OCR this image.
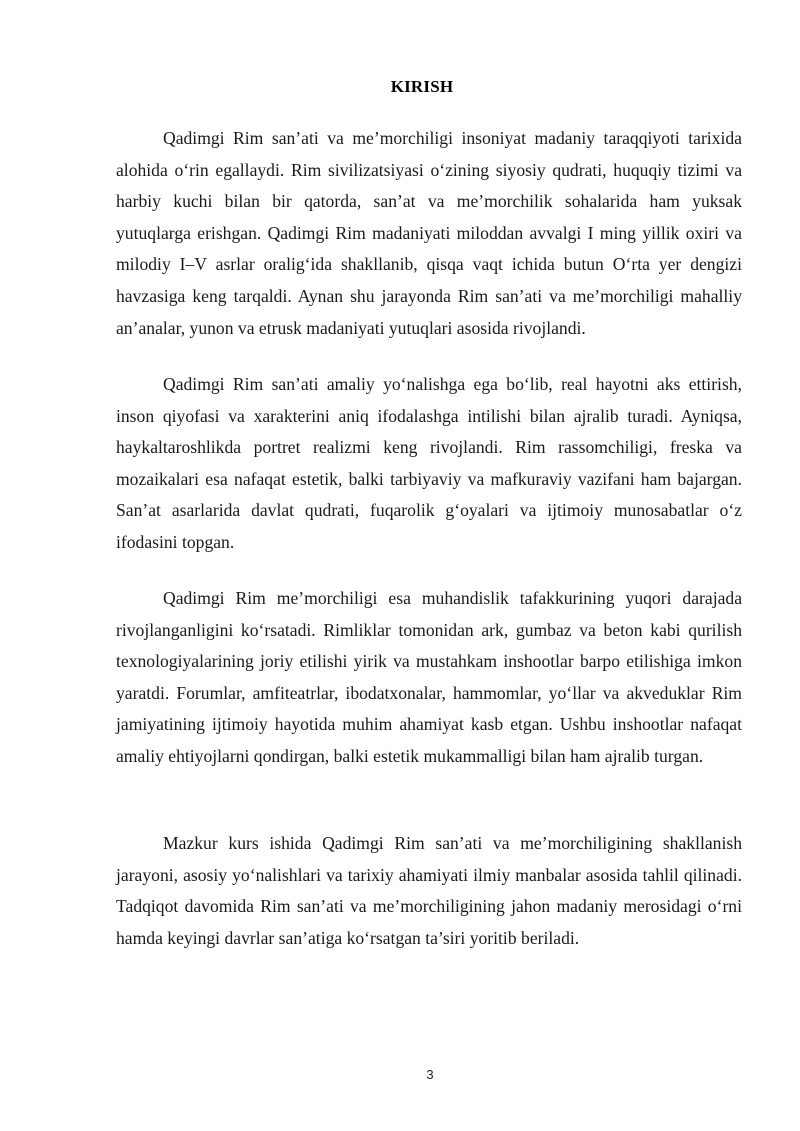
KIRISH

Qadimgi Rim san’ati va me’morchiligi insoniyat madaniy taraqqiyoti tarixida alohida o‘rin egallaydi. Rim sivilizatsiyasi o‘zining siyosiy qudrati, huquqiy tizimi va harbiy kuchi bilan bir qatorda, san’at va me’morchilik sohalarida ham yuksak yutuqlarga erishgan. Qadimgi Rim madaniyati miloddan avvalgi I ming yillik oxiri va milodiy I–V asrlar oralig‘ida shakllanib, qisqa vaqt ichida butun O‘rta yer dengizi havzasiga keng tarqaldi. Aynan shu jarayonda Rim san’ati va me’morchiligi mahalliy an’analar, yunon va etrusk madaniyati yutuqlari asosida rivojlandi.

Qadimgi Rim san’ati amaliy yo‘nalishga ega bo‘lib, real hayotni aks ettirish, inson qiyofasi va xarakterini aniq ifodalashga intilishi bilan ajralib turadi. Ayniqsa, haykaltaroshlikda portret realizmi keng rivojlandi. Rim rassomchiligi, freska va mozaikalari esa nafaqat estetik, balki tarbiyaviy va mafkuraviy vazifani ham bajargan. San’at asarlarida davlat qudrati, fuqarolik g‘oyalari va ijtimoiy munosabatlar o‘z ifodasini topgan.

Qadimgi Rim me’morchiligi esa muhandislik tafakkurining yuqori darajada rivojlanganligini ko‘rsatadi. Rimliklar tomonidan ark, gumbaz va beton kabi qurilish texnologiyalarining joriy etilishi yirik va mustahkam inshootlar barpo etilishiga imkon yaratdi. Forumlar, amfiteatrlar, ibodatxonalar, hammomlar, yo‘llar va akveduklar Rim jamiyatining ijtimoiy hayotida muhim ahamiyat kasb etgan. Ushbu inshootlar nafaqat amaliy ehtiyojlarni qondirgan, balki estetik mukammalligi bilan ham ajralib turgan.

Mazkur kurs ishida Qadimgi Rim san’ati va me’morchiligining shakllanish jarayoni, asosiy yo‘nalishlari va tarixiy ahamiyati ilmiy manbalar asosida tahlil qilinadi. Tadqiqot davomida Rim san’ati va me’morchiligining jahon madaniy merosidagi o‘rni hamda keyingi davrlar san’atiga ko‘rsatgan ta’siri yoritib beriladi.

3
